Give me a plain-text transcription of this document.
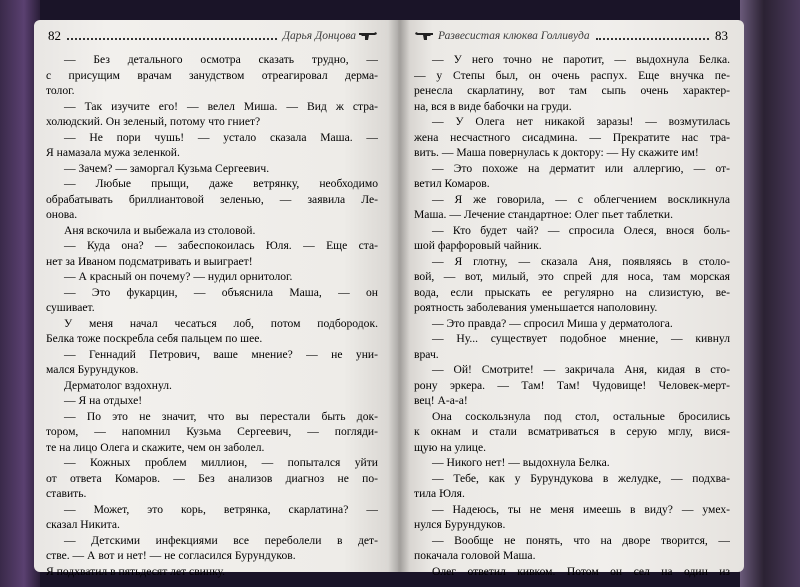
82	Дарья Донцова	Развесистая клюква Голливуда	83
— Без детального осмотра сказать трудно, —
с присущим врачам занудством отреагировал дерма-
толог.
— Так изучите его! — велел Миша. — Вид ж стра-
холюдский. Он зеленый, потому что гниет?
— Не пори чушь! — устало сказала Маша. —
Я намазала мужа зеленкой.
— Зачем? — заморгал Кузьма Сергеевич.
— Любые прыщи, даже ветрянку, необходимо
обрабатывать бриллиантовой зеленью, — заявила Ле-
онова.
Аня вскочила и выбежала из столовой.
— Куда она? — забеспокоилась Юля. — Еще ста-
нет за Иваном подсматривать и выиграет!
— А красный он почему? — нудил орнитолог.
— Это фукарцин, — объяснила Маша, — он
сушивает.
У меня начал чесаться лоб, потом подбородок.
Белка тоже поскребла себя пальцем по шее.
— Геннадий Петрович, ваше мнение? — не уни-
мался Бурундуков.
Дерматолог вздохнул.
— Я на отдыхе!
— По это не значит, что вы перестали быть док-
тором, — напомнил Кузьма Сергеевич, — погляди-
те на лицо Олега и скажите, чем он заболел.
— Кожных проблем миллион, — попытался уйти
от ответа Комаров. — Без анализов диагноз не по-
ставить.
— Может, это корь, ветрянка, скарлатина? —
сказал Никита.
— Детскими инфекциями все переболели в дет-
стве. — А вот и нет! — не согласился Бурундуков.
Я подхватил в пятьдесят лет свинку.
— У него точно не паротит, — выдохнула Белка.
— у Степы был, он очень распух. Еще внучка пе-
ренесла скарлатину, вот там сыпь очень характер-
на, вся в виде бабочки на груди.
— У Олега нет никакой заразы! — возмутилась
жена несчастного сисадмина. — Прекратите нас тра-
вить. — Маша повернулась к доктору: — Ну скажите им!
— Это похоже на дерматит или аллергию, — от-
ветил Комаров.
— Я же говорила, — с облегчением воскликнула
Маша. — Лечение стандартное: Олег пьет таблетки.
— Кто будет чай? — спросила Олеся, внося боль-
шой фарфоровый чайник.
— Я глотну, — сказала Аня, появляясь в столо-
вой, — вот, милый, это спрей для носа, там морская
вода, если прыскать ее регулярно на слизистую, ве-
роятность заболевания уменьшается наполовину.
— Это правда? — спросил Миша у дерматолога.
— Ну... существует подобное мнение, — кивнул
врач.
— Ой! Смотрите! — закричала Аня, кидая в сто-
рону эркера. — Там! Там! Чудовище! Человек-мерт-
вец! А-а-а!
Она соскользнула под стол, остальные бросились
к окнам и стали всматриваться в серую мглу, вися-
щую на улице.
— Никого нет! — выдохнула Белка.
— Тебе, как у Бурундукова в желудке, — подхва-
тила Юля.
— Надеюсь, ты не меня имеешь в виду? — умех-
нулся Бурундуков.
— Вообще не понять, что на дворе творится, —
покачала головой Маша.
Олег ответил кивком. Потом он сел на один из
